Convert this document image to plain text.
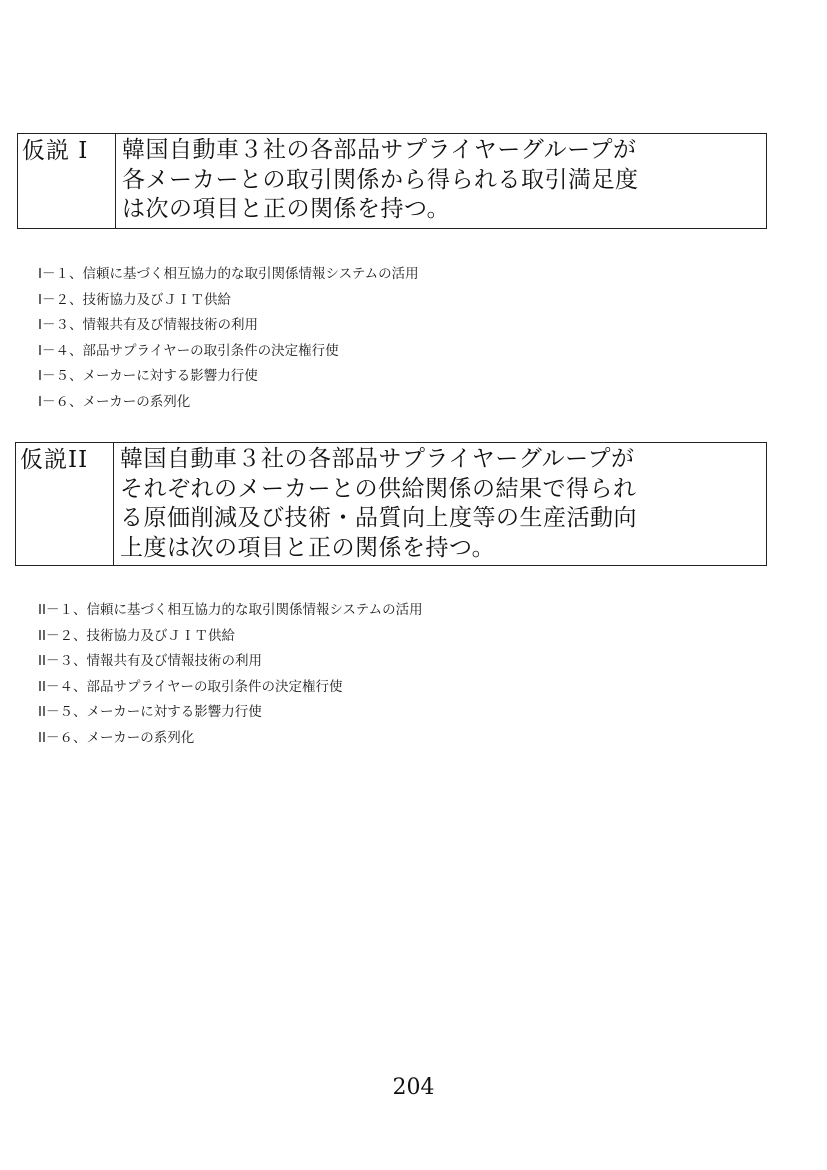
仮説 I	韓国自動車３社の各部品サプライヤーグループが
各メーカーとの取引関係から得られる取引満足度
は次の項目と正の関係を持つ。
I－１、信頼に基づく相互協力的な取引関係情報システムの活用
I－２、技術協力及びＪＩＴ供給
I－３、情報共有及び情報技術の利用
I－４、部品サプライヤーの取引条件の決定権行使
I－５、メーカーに対する影響力行使
I－６、メーカーの系列化
仮説II	韓国自動車３社の各部品サプライヤーグループが
それぞれのメーカーとの供給関係の結果で得られ
る原価削減及び技術・品質向上度等の生産活動向
上度は次の項目と正の関係を持つ。
II－１、信頼に基づく相互協力的な取引関係情報システムの活用
II－２、技術協力及びＪＩＴ供給
II－３、情報共有及び情報技術の利用
II－４、部品サプライヤーの取引条件の決定権行使
II－５、メーカーに対する影響力行使
II－６、メーカーの系列化
204
